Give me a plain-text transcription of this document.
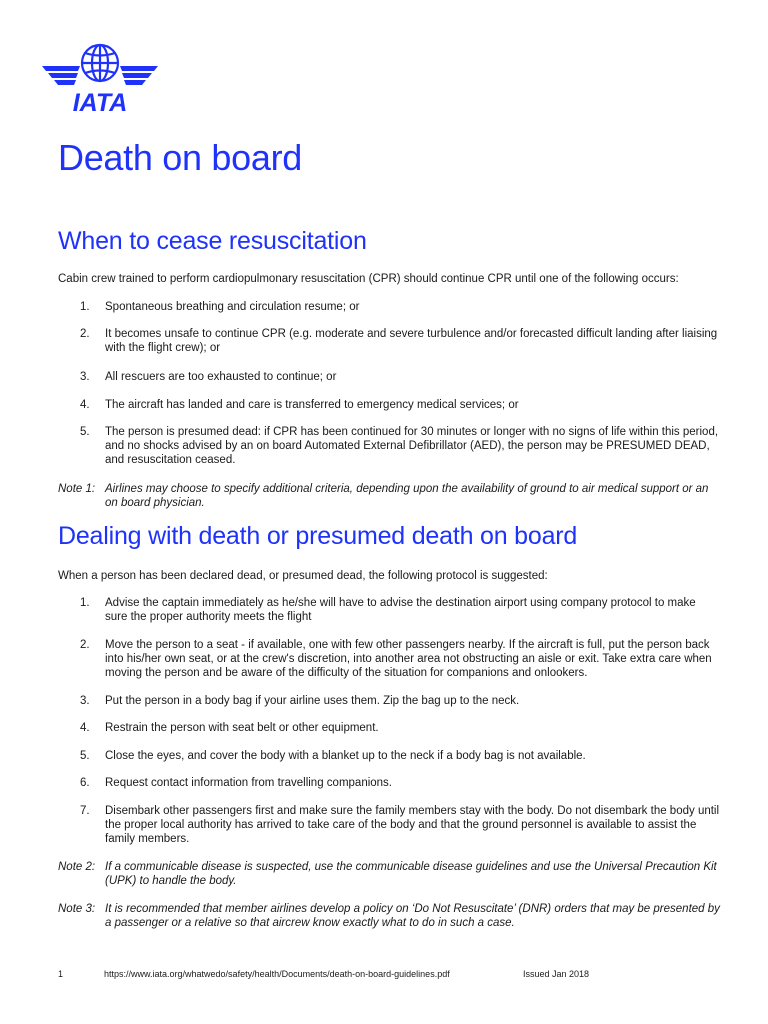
IATA
Death on board
When to cease resuscitation

Cabin crew trained to perform cardiopulmonary resuscitation (CPR) should continue CPR until one of the following occurs:

1. Spontaneous breathing and circulation resume; or
2. It becomes unsafe to continue CPR (e.g. moderate and severe turbulence and/or forecasted difficult landing after liaising with the flight crew); or
3. All rescuers are too exhausted to continue; or
4. The aircraft has landed and care is transferred to emergency medical services; or
5. The person is presumed dead: if CPR has been continued for 30 minutes or longer with no signs of life within this period, and no shocks advised by an on board Automated External Defibrillator (AED), the person may be PRESUMED DEAD, and resuscitation ceased.
Note 1: Airlines may choose to specify additional criteria, depending upon the availability of ground to air medical support or an on board physician.
Dealing with death or presumed death on board

When a person has been declared dead, or presumed dead, the following protocol is suggested:

1. Advise the captain immediately as he/she will have to advise the destination airport using company protocol to make sure the proper authority meets the flight
2. Move the person to a seat - if available, one with few other passengers nearby. If the aircraft is full, put the person back into his/her own seat, or at the crew's discretion, into another area not obstructing an aisle or exit. Take extra care when moving the person and be aware of the difficulty of the situation for companions and onlookers.
3. Put the person in a body bag if your airline uses them. Zip the bag up to the neck.
4. Restrain the person with seat belt or other equipment.
5. Close the eyes, and cover the body with a blanket up to the neck if a body bag is not available.
6. Request contact information from travelling companions.
7. Disembark other passengers first and make sure the family members stay with the body. Do not disembark the body until the proper local authority has arrived to take care of the body and that the ground personnel is available to assist the family members.
Note 2: If a communicable disease is suspected, use the communicable disease guidelines and use the Universal Precaution Kit (UPK) to handle the body.
Note 3: It is recommended that member airlines develop a policy on ‘Do Not Resuscitate’ (DNR) orders that may be presented by a passenger or a relative so that aircrew know exactly what to do in such a case.
1	https://www.iata.org/whatwedo/safety/health/Documents/death-on-board-guidelines.pdf	Issued Jan 2018
